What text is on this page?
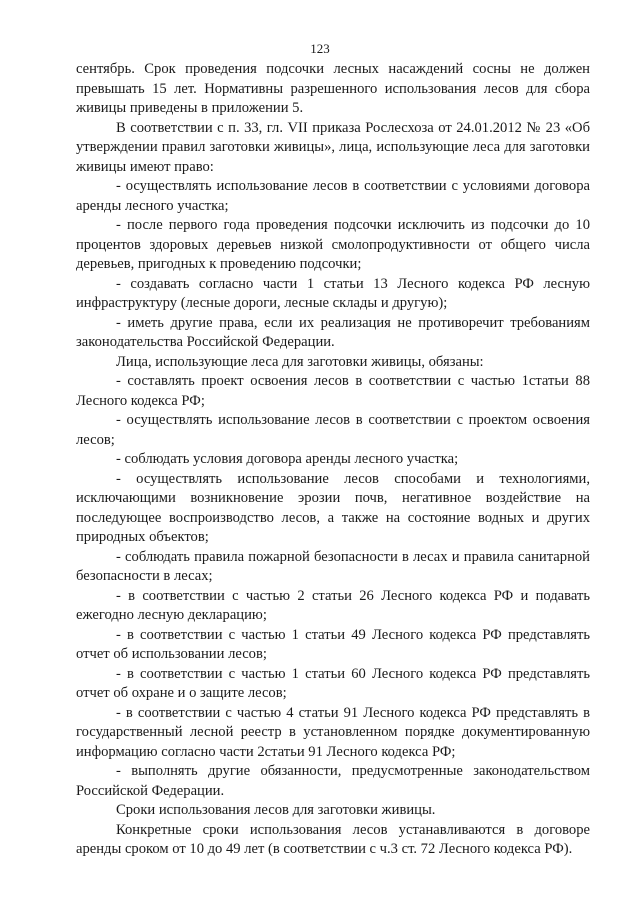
123

сентябрь. Срок проведения подсочки лесных насаждений сосны не должен превышать 15 лет. Нормативны разрешенного использования лесов для сбора живицы приведены в приложении 5.

В соответствии с п. 33, гл. VII приказа Рослесхоза от 24.01.2012 № 23 «Об утверждении правил заготовки живицы», лица, использующие леса для заготовки живицы имеют право:

- осуществлять использование лесов в соответствии с условиями договора аренды лесного участка;

- после первого года проведения подсочки исключить из подсочки до 10 процентов здоровых деревьев низкой смолопродуктивности от общего числа деревьев, пригодных к проведению подсочки;

- создавать согласно части 1 статьи 13 Лесного кодекса РФ лесную инфраструктуру (лесные дороги, лесные склады и другую);

- иметь другие права, если их реализация не противоречит требованиям законодательства Российской Федерации.

Лица, использующие леса для заготовки живицы, обязаны:

- составлять проект освоения лесов в соответствии с частью 1статьи 88 Лесного кодекса РФ;

- осуществлять использование лесов в соответствии с проектом освоения лесов;

- соблюдать условия договора аренды лесного участка;

- осуществлять использование лесов способами и технологиями, исключающими возникновение эрозии почв, негативное воздействие на последующее воспроизводство лесов, а также на состояние водных и других природных объектов;

- соблюдать правила пожарной безопасности в лесах и правила санитарной безопасности в лесах;

- в соответствии с частью 2 статьи 26 Лесного кодекса РФ и подавать ежегодно лесную декларацию;

- в соответствии с частью 1 статьи 49 Лесного кодекса РФ представлять отчет об использовании лесов;

- в соответствии с частью 1 статьи 60 Лесного кодекса РФ представлять отчет об охране и о защите лесов;

- в соответствии с частью 4 статьи 91 Лесного кодекса РФ представлять в государственный лесной реестр в установленном порядке документированную информацию согласно части 2статьи 91 Лесного кодекса РФ;

- выполнять другие обязанности, предусмотренные законодательством Российской Федерации.

Сроки использования лесов для заготовки живицы.

Конкретные сроки использования лесов устанавливаются в договоре аренды сроком от 10 до 49 лет (в соответствии с ч.3 ст. 72 Лесного кодекса РФ).
